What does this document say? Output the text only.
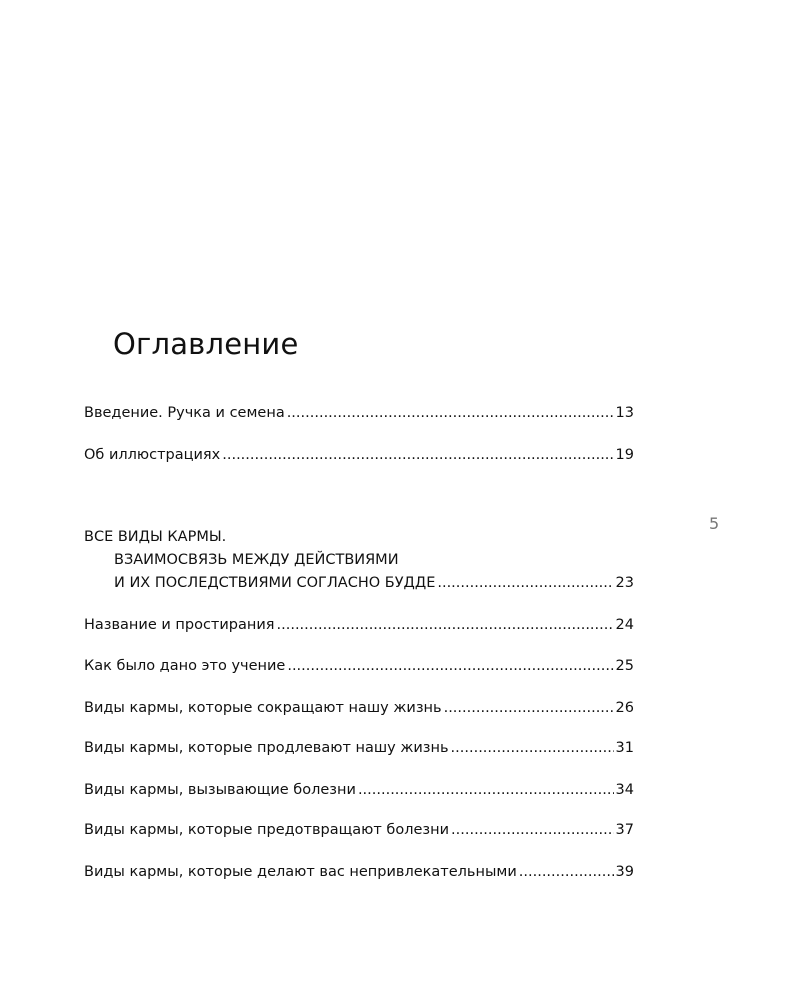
Оглавление
5
Введение. Ручка и семена .....	13
Об иллюстрациях .....	19
ВСЕ ВИДЫ КАРМЫ.
ВЗАИМОСВЯЗЬ МЕЖДУ ДЕЙСТВИЯМИ
И ИХ ПОСЛЕДСТВИЯМИ СОГЛАСНО БУДДЕ .....	23
Название и простирания .....	24
Как было дано это учение .....	25
Виды кармы, которые сокращают нашу жизнь .....	26
Виды кармы, которые продлевают нашу жизнь .....	31
Виды кармы, вызывающие болезни .....	34
Виды кармы, которые предотвращают болезни .....	37
Виды кармы, которые делают вас непривлекательными .....	39
